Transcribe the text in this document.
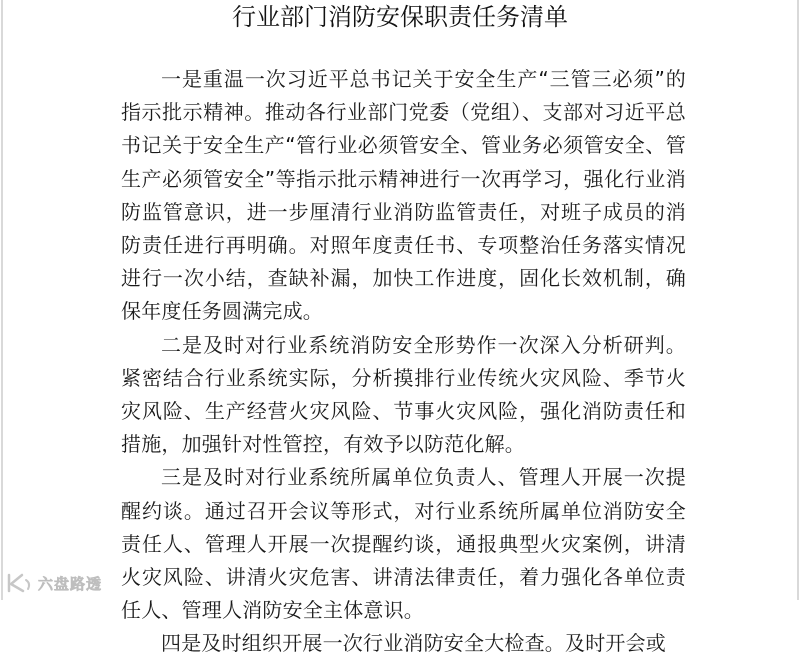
行业部门消防安保职责任务清单

一是重温一次习近平总书记关于安全生产“三管三必须”的指示批示精神。推动各行业部门党委（党组）、支部对习近平总书记关于安全生产“管行业必须管安全、管业务必须管安全、管生产必须管安全”等指示批示精神进行一次再学习，强化行业消防监管意识，进一步厘清行业消防监管责任，对班子成员的消防责任进行再明确。对照年度责任书、专项整治任务落实情况进行一次小结，查缺补漏，加快工作进度，固化长效机制，确保年度任务圆满完成。

二是及时对行业系统消防安全形势作一次深入分析研判。紧密结合行业系统实际，分析摸排行业传统火灾风险、季节火灾风险、生产经营火灾风险、节事火灾风险，强化消防责任和措施，加强针对性管控，有效予以防范化解。

三是及时对行业系统所属单位负责人、管理人开展一次提醒约谈。通过召开会议等形式，对行业系统所属单位消防安全责任人、管理人开展一次提醒约谈，通报典型火灾案例，讲清火灾风险、讲清火灾危害、讲清法律责任，着力强化各单位责任人、管理人消防安全主体意识。

四是及时组织开展一次行业消防安全大检查。及时开会或

六盘路透
